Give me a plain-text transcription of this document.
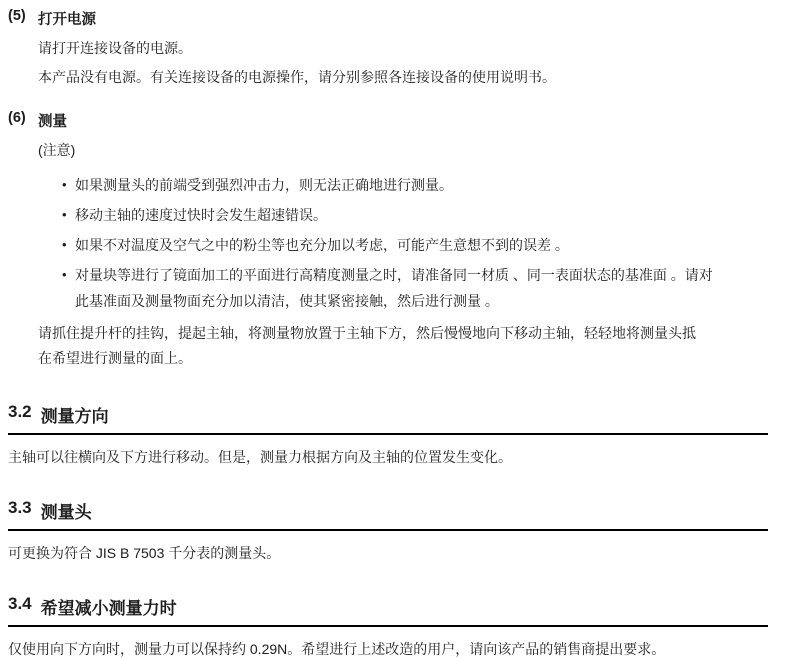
(5) 打开电源
请打开连接设备的电源。
本产品没有电源。有关连接设备的电源操作，请分别参照各连接设备的使用说明书。
(6) 测量
(注意)
• 如果测量头的前端受到强烈冲击力，则无法正确地进行测量。
• 移动主轴的速度过快时会发生超速错误。
• 如果不对温度及空气之中的粉尘等也充分加以考虑，可能产生意想不到的误差 。
• 对量块等进行了镜面加工的平面进行高精度测量之时，请准备同一材质 、同一表面状态的基准面 。请对此基准面及测量物面充分加以清洁，使其紧密接触，然后进行测量 。
请抓住提升杆的挂钩，提起主轴，将测量物放置于主轴下方，然后慢慢地向下移动主轴，轻轻地将测量头抵在希望进行测量的面上。
3.2 测量方向
主轴可以往横向及下方进行移动。但是，测量力根据方向及主轴的位置发生变化。
3.3 测量头
可更换为符合 JIS B 7503 千分表的测量头。
3.4 希望减小测量力时
仅使用向下方向时，测量力可以保持约 0.29N。希望进行上述改造的用户，请向该产品的销售商提出要求。
